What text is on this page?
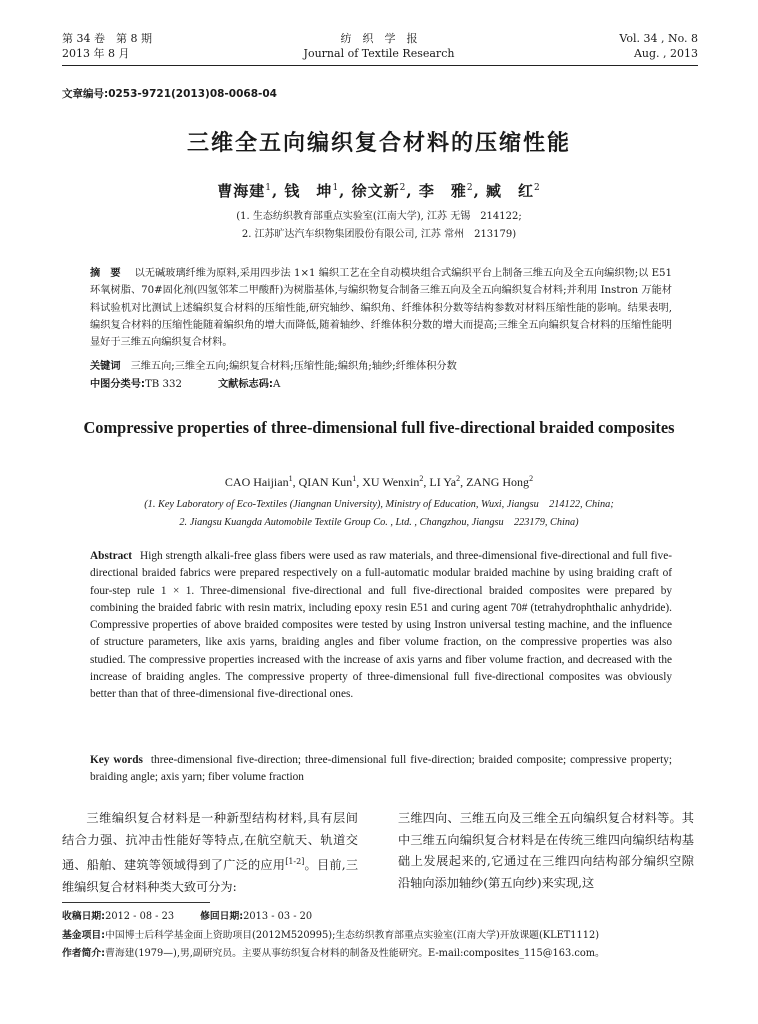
第 34 卷　第 8 期
2013 年 8 月
纺　织　学　报
Journal of Textile Research
Vol. 34 , No. 8
Aug. , 2013
文章编号:0253-9721(2013)08-0068-04
三维全五向编织复合材料的压缩性能
曹海建$^1$, 钱　坤$^1$, 徐文新$^2$, 李　雅$^2$, 臧　红$^2$
(1. 生态纺织教育部重点实验室(江南大学), 江苏 无锡　214122;
2. 江苏旷达汽车织物集团股份有限公司, 江苏 常州　213179)
摘　要 以无碱玻璃纤维为原料,采用四步法 1×1 编织工艺在全自动模块组合式编织平台上制备三维五向及全五向编织物;以 E51 环氧树脂、70#固化剂(四氢邻苯二甲酸酐)为树脂基体,与编织物复合制备三维五向及全五向编织复合材料;并利用 Instron 万能材料试验机对比测试上述编织复合材料的压缩性能,研究轴纱、编织角、纤维体积分数等结构参数对材料压缩性能的影响。结果表明,编织复合材料的压缩性能随着编织角的增大而降低,随着轴纱、纤维体积分数的增大而提高;三维全五向编织复合材料的压缩性能明显好于三维五向编织复合材料。
关键词 三维五向;三维全五向;编织复合材料;压缩性能;编织角;轴纱;纤维体积分数
中图分类号:TB 332	文献标志码:A
Compressive properties of three-dimensional full five-directional braided composites
CAO Haijian$^1$, QIAN Kun$^1$, XU Wenxin$^2$, LI Ya$^2$, ZANG Hong$^2$
(1. Key Laboratory of Eco-Textiles (Jiangnan University), Ministry of Education, Wuxi, Jiangsu　214122, China;
2. Jiangsu Kuangda Automobile Textile Group Co. , Ltd. , Changzhou, Jiangsu　223179, China)
Abstract High strength alkali-free glass fibers were used as raw materials, and three-dimensional five-directional and full five-directional braided fabrics were prepared respectively on a full-automatic modular braided machine by using braiding craft of four-step rule 1 × 1. Three-dimensional five-directional and full five-directional braided composites were prepared by combining the braided fabric with resin matrix, including epoxy resin E51 and curing agent 70# (tetrahydrophthalic anhydride). Compressive properties of above braided composites were tested by using Instron universal testing machine, and the influence of structure parameters, like axis yarns, braiding angles and fiber volume fraction, on the compressive properties was also studied. The compressive properties increased with the increase of axis yarns and fiber volume fraction, and decreased with the increase of braiding angles. The compressive property of three-dimensional full five-directional composites was obviously better than that of three-dimensional five-directional ones.
Key words three-dimensional five-direction; three-dimensional full five-direction; braided composite; compressive property; braiding angle; axis yarn; fiber volume fraction
三维编织复合材料是一种新型结构材料,具有层间结合力强、抗冲击性能好等特点,在航空航天、轨道交通、船舶、建筑等领域得到了广泛的应用[1-2]。目前,三维编织复合材料种类大致可分为:
三维四向、三维五向及三维全五向编织复合材料等。其中三维五向编织复合材料是在传统三维四向编织结构基础上发展起来的,它通过在三维四向结构部分编织空隙沿轴向添加轴纱(第五向纱)来实现,这
收稿日期:2012 - 08 - 23	修回日期:2013 - 03 - 20
基金项目:中国博士后科学基金面上资助项目(2012M520995);生态纺织教育部重点实验室(江南大学)开放课题(KLET1112)
作者简介:曹海建(1979—),男,副研究员。主要从事纺织复合材料的制备及性能研究。E-mail:composites_115@163.com。
